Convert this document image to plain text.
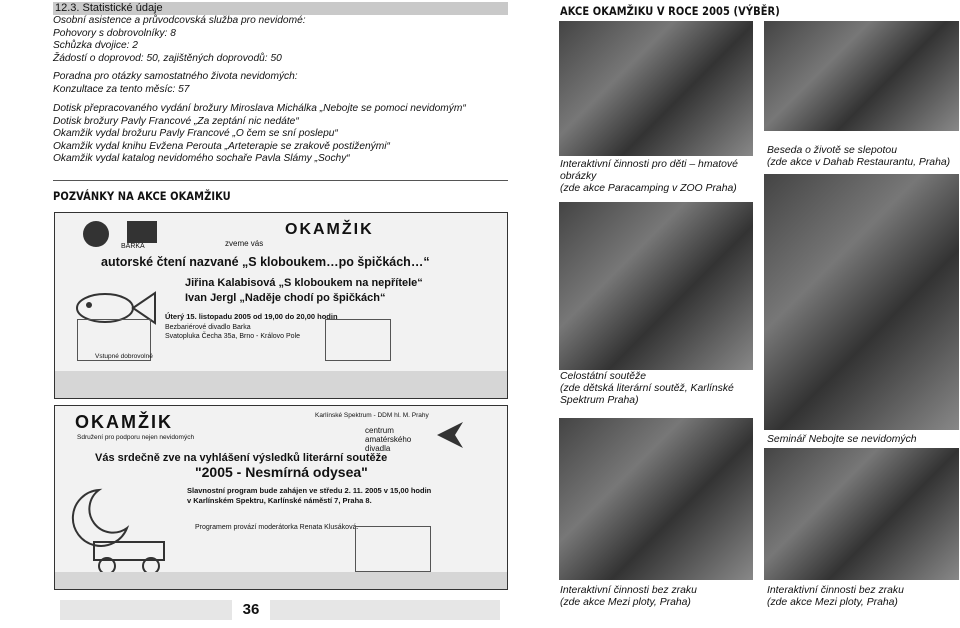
12.3. Statistické údaje
Osobní asistence a průvodcovská služba pro nevidomé:
Pohovory s dobrovolníky: 8
Schůzka dvojice: 2
Žádostí o doprovod: 50, zajištěných doprovodů: 50
Poradna pro otázky samostatného života nevidomých:
Konzultace za tento měsíc: 57
Dotisk přepracovaného vydání brožury Miroslava Michálka „Nebojte se pomoci nevidomým“
Dotisk brožury Pavly Francové „Za zeptání nic nedáte“
Okamžik vydal brožuru Pavly Francové „O čem se sní poslepu“
Okamžik vydal knihu Evžena Perouta „Arteterapie se zrakově postiženými“
Okamžik vydal katalog nevidomého sochaře Pavla Slámy „Sochy“
POZVÁNKY NA AKCE OKAMŽIKU
BARKA
OKAMŽIK
zveme vás
autorské čtení nazvané „S kloboukem…po špičkách…“
Jiřina Kalabisová „S kloboukem na nepřítele“
Ivan Jergl „Naděje chodí po špičkách“
Úterý 15. listopadu 2005 od 19,00 do 20,00 hodin
Bezbariérové divadlo Barka
Svatopluka Čecha 35a, Brno - Královo Pole
Vstupné dobrovolné
OKAMŽIK
Sdružení pro podporu nejen nevidomých
Karlínské Spektrum - DDM hl. M. Prahy
centrum amatérského divadla
Vás srdečně zve na vyhlášení výsledků literární soutěže
"2005 - Nesmírná odysea"
Slavnostní program bude zahájen ve středu 2. 11. 2005 v 15,00 hodin
v Karlínském Spektru, Karlínské náměstí 7, Praha 8.
Programem provází moderátorka Renata Klusáková.
36
AKCE OKAMŽIKU V ROCE 2005 (VÝBĚR)
Interaktivní činnosti pro děti – hmatové
obrázky
(zde akce Paracamping v ZOO Praha)
Beseda o životě se slepotou
(zde akce v Dahab Restaurantu, Praha)
Celostátní soutěže
(zde dětská literární soutěž, Karlínské
Spektrum Praha)
Seminář Nebojte se nevidomých
Interaktivní činnosti bez zraku
(zde akce Mezi ploty, Praha)
Interaktivní činnosti bez zraku
(zde akce Mezi ploty, Praha)
